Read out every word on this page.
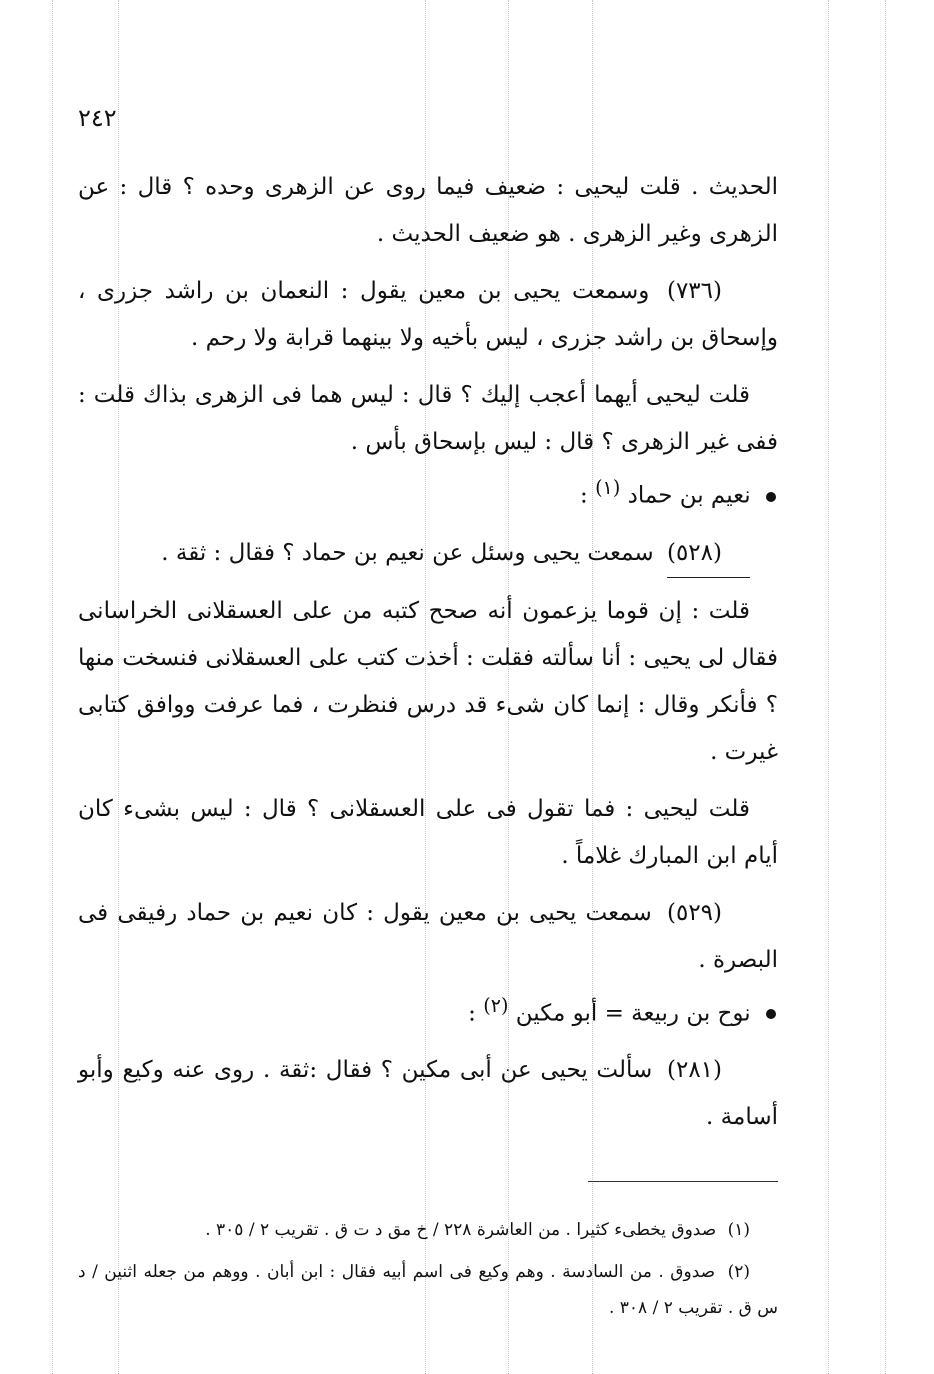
٢٤٢

الحديث . قلت ليحيى : ضعيف فيما روى عن الزهرى وحده ؟ قال : عن الزهرى وغير الزهرى . هو ضعيف الحديث .

(٧٣٦) وسمعت يحيى بن معين يقول : النعمان بن راشد جزرى ، وإسحاق بن راشد جزرى ، ليس بأخيه ولا بينهما قرابة ولا رحم .

قلت ليحيى أيهما أعجب إليك ؟ قال : ليس هما فى الزهرى بذاك قلت : ففى غير الزهرى ؟ قال : ليس بإسحاق بأس .

نعيم بن حماد $^{(١)}$ :

(٥٢٨) سمعت يحيى وسئل عن نعيم بن حماد ؟ فقال : ثقة .

قلت : إن قوما يزعمون أنه صحح كتبه من على العسقلانى الخراسانى فقال لى يحيى : أنا سألته فقلت : أخذت كتب على العسقلانى فنسخت منها ؟ فأنكر وقال : إنما كان شىء قد درس فنظرت ، فما عرفت ووافق كتابى غيرت .

قلت ليحيى : فما تقول فى على العسقلانى ؟ قال : ليس بشىء كان أيام ابن المبارك غلاماً .

(٥٢٩) سمعت يحيى بن معين يقول : كان نعيم بن حماد رفيقى فى البصرة .

نوح بن ربيعة = أبو مكين $^{(٢)}$ :

(٢٨١) سألت يحيى عن أبى مكين ؟ فقال :ثقة . روى عنه وكيع وأبو أسامة .

(١) صدوق يخطىء كثيرا . من العاشرة ٢٢٨ / خ مق د ت ق . تقريب ٢ / ٣٠٥ .

(٢) صدوق . من السادسة . وهم وكيع فى اسم أبيه فقال : ابن أبان . ووهم من جعله اثنين / د س ق . تقريب ٢ / ٣٠٨ .
